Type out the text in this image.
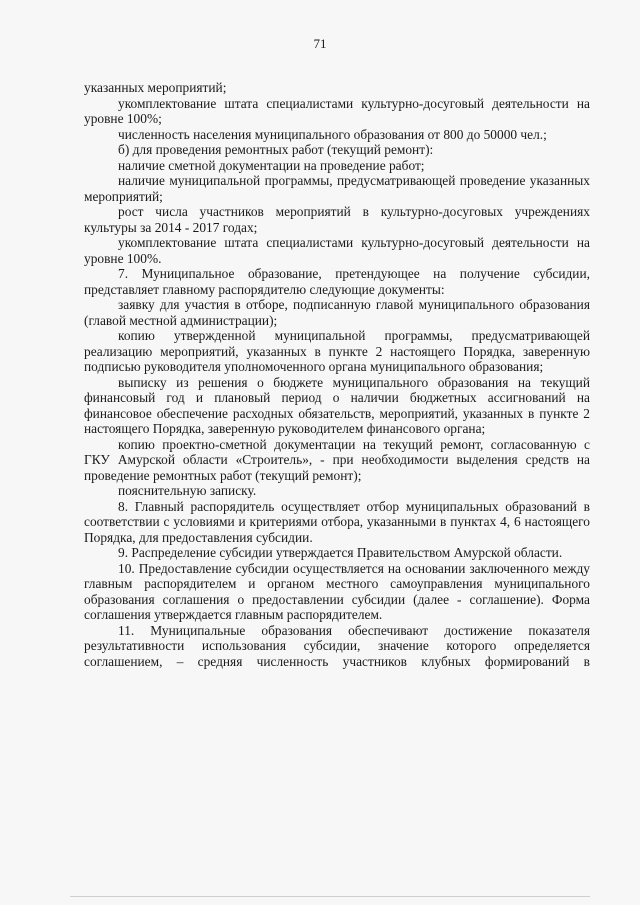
71

указанных мероприятий;

укомплектование штата специалистами культурно-досуговый деятельности на уровне 100%;

численность населения муниципального образования от 800 до 50000 чел.;

б) для проведения ремонтных работ (текущий ремонт):

наличие сметной документации на проведение работ;

наличие муниципальной программы, предусматривающей проведение указанных мероприятий;

рост числа участников мероприятий в культурно-досуговых учреждениях культуры за 2014 - 2017 годах;

укомплектование штата специалистами культурно-досуговый деятельности на уровне 100%.

7. Муниципальное образование, претендующее на получение субсидии, представляет главному распорядителю следующие документы:

заявку для участия в отборе, подписанную главой муниципального образования (главой местной администрации);

копию утвержденной муниципальной программы, предусматривающей реализацию мероприятий, указанных в пункте 2 настоящего Порядка, заверенную подписью руководителя уполномоченного органа муниципального образования;

выписку из решения о бюджете муниципального образования на текущий финансовый год и плановый период о наличии бюджетных ассигнований на финансовое обеспечение расходных обязательств, мероприятий, указанных в пункте 2 настоящего Порядка, заверенную руководителем финансового органа;

копию проектно-сметной документации на текущий ремонт, согласованную с ГКУ Амурской области «Строитель», - при необходимости выделения средств на проведение ремонтных работ (текущий ремонт);

пояснительную записку.

8. Главный распорядитель осуществляет отбор муниципальных образований в соответствии с условиями и критериями отбора, указанными в пунктах 4, 6 настоящего Порядка, для предоставления субсидии.

9. Распределение субсидии утверждается Правительством Амурской области.

10. Предоставление субсидии осуществляется на основании заключенного между главным распорядителем и органом местного самоуправления муниципального образования соглашения о предоставлении субсидии (далее - соглашение). Форма соглашения утверждается главным распорядителем.

11. Муниципальные образования обеспечивают достижение показателя результативности использования субсидии, значение которого определяется соглашением, – средняя численность участников клубных формирований в
